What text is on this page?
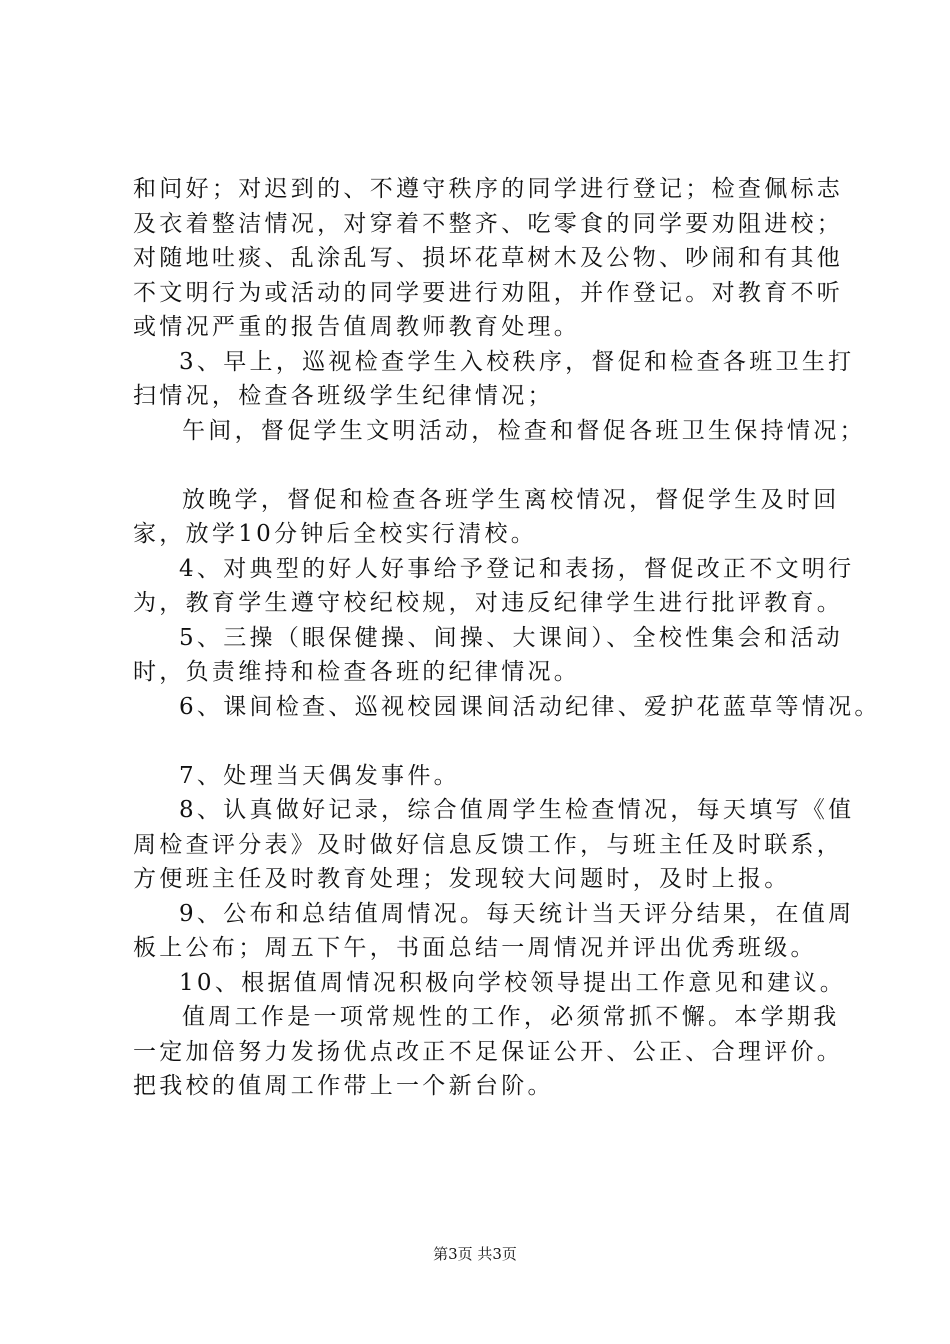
和问好；对迟到的、不遵守秩序的同学进行登记；检查佩标志
及衣着整洁情况，对穿着不整齐、吃零食的同学要劝阻进校；
对随地吐痰、乱涂乱写、损坏花草树木及公物、吵闹和有其他
不文明行为或活动的同学要进行劝阻，并作登记。对教育不听
或情况严重的报告值周教师教育处理。
3、早上，巡视检查学生入校秩序，督促和检查各班卫生打
扫情况，检查各班级学生纪律情况；
午间，督促学生文明活动，检查和督促各班卫生保持情况；
放晚学，督促和检查各班学生离校情况，督促学生及时回
家，放学10分钟后全校实行清校。
4、对典型的好人好事给予登记和表扬，督促改正不文明行
为，教育学生遵守校纪校规，对违反纪律学生进行批评教育。
5、三操（眼保健操、间操、大课间）、全校性集会和活动
时，负责维持和检查各班的纪律情况。
6、课间检查、巡视校园课间活动纪律、爱护花蓝草等情况。
7、处理当天偶发事件。
8、认真做好记录，综合值周学生检查情况，每天填写《值
周检查评分表》及时做好信息反馈工作，与班主任及时联系，
方便班主任及时教育处理；发现较大问题时，及时上报。
9、公布和总结值周情况。每天统计当天评分结果，在值周
板上公布；周五下午，书面总结一周情况并评出优秀班级。
10、根据值周情况积极向学校领导提出工作意见和建议。
值周工作是一项常规性的工作，必须常抓不懈。本学期我
一定加倍努力发扬优点改正不足保证公开、公正、合理评价。
把我校的值周工作带上一个新台阶。
第3页 共3页
